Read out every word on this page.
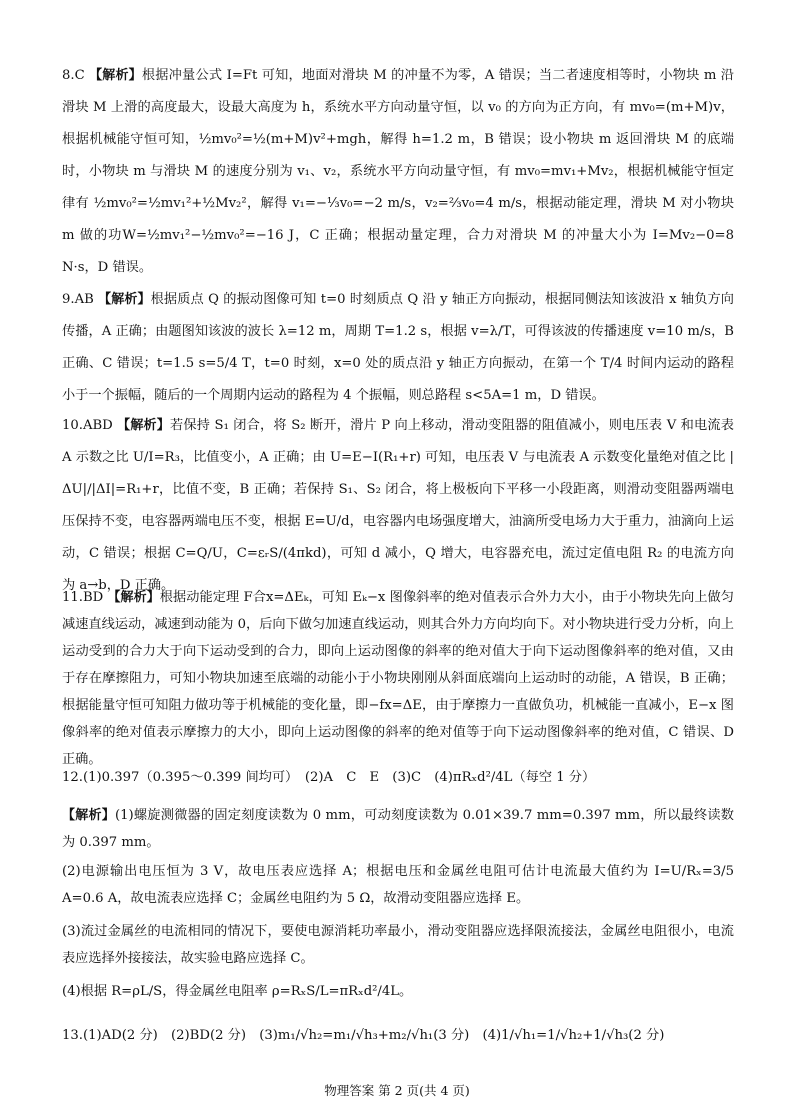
8.C 【解析】根据冲量公式 I=Ft 可知，地面对滑块 M 的冲量不为零，A 错误；当二者速度相等时，小物块 m 沿滑块 M 上滑的高度最大，设最大高度为 h，系统水平方向动量守恒，以 v₀ 的方向为正方向，有 mv₀=(m+M)v，根据机械能守恒可知，½mv₀²=½(m+M)v²+mgh，解得 h=1.2 m，B 错误；设小物块 m 返回滑块 M 的底端时，小物块 m 与滑块 M 的速度分别为 v₁、v₂，系统水平方向动量守恒，有 mv₀=mv₁+Mv₂，根据机械能守恒定律有 ½mv₀²=½mv₁²+½Mv₂²，解得 v₁=−⅓v₀=−2 m/s，v₂=⅔v₀=4 m/s，根据动能定理，滑块 M 对小物块 m 做的功W=½mv₁²−½mv₀²=−16 J，C 正确；根据动量定理，合力对滑块 M 的冲量大小为 I=Mv₂−0=8 N·s，D 错误。

9.AB 【解析】根据质点 Q 的振动图像可知 t=0 时刻质点 Q 沿 y 轴正方向振动，根据同侧法知该波沿 x 轴负方向传播，A 正确；由题图知该波的波长 λ=12 m，周期 T=1.2 s，根据 v=λ/T，可得该波的传播速度 v=10 m/s，B 正确、C 错误；t=1.5 s=5/4 T，t=0 时刻，x=0 处的质点沿 y 轴正方向振动，在第一个 T/4 时间内运动的路程小于一个振幅，随后的一个周期内运动的路程为 4 个振幅，则总路程 s<5A=1 m，D 错误。

10.ABD 【解析】若保持 S₁ 闭合，将 S₂ 断开，滑片 P 向上移动，滑动变阻器的阻值减小，则电压表 V 和电流表 A 示数之比 U/I=R₃，比值变小，A 正确；由 U=E−I(R₁+r) 可知，电压表 V 与电流表 A 示数变化量绝对值之比 |ΔU|/|ΔI|=R₁+r，比值不变，B 正确；若保持 S₁、S₂ 闭合，将上极板向下平移一小段距离，则滑动变阻器两端电压保持不变，电容器两端电压不变，根据 E=U/d，电容器内电场强度增大，油滴所受电场力大于重力，油滴向上运动，C 错误；根据 C=Q/U，C=εᵣS/(4πkd)，可知 d 减小，Q 增大，电容器充电，流过定值电阻 R₂ 的电流方向为 a→b，D 正确。

11.BD 【解析】根据动能定理 F合x=ΔEₖ，可知 Eₖ−x 图像斜率的绝对值表示合外力大小，由于小物块先向上做匀减速直线运动，减速到动能为 0，后向下做匀加速直线运动，则其合外力方向均向下。对小物块进行受力分析，向上运动受到的合力大于向下运动受到的合力，即向上运动图像的斜率的绝对值大于向下运动图像斜率的绝对值，又由于存在摩擦阻力，可知小物块加速至底端的动能小于小物块刚刚从斜面底端向上运动时的动能，A 错误，B 正确；根据能量守恒可知阻力做功等于机械能的变化量，即−fx=ΔE，由于摩擦力一直做负功，机械能一直减小，E−x 图像斜率的绝对值表示摩擦力的大小，即向上运动图像的斜率的绝对值等于向下运动图像斜率的绝对值，C 错误、D 正确。

12.(1)0.397（0.395～0.399 间均可）　(2)A　C　E　(3)C　(4)πRₓd²/4L（每空 1 分）

【解析】(1)螺旋测微器的固定刻度读数为 0 mm，可动刻度读数为 0.01×39.7 mm=0.397 mm，所以最终读数为 0.397 mm。

(2)电源输出电压恒为 3 V，故电压表应选择 A；根据电压和金属丝电阻可估计电流最大值约为 I=U/Rₓ=3/5 A=0.6 A，故电流表应选择 C；金属丝电阻约为 5 Ω，故滑动变阻器应选择 E。

(3)流过金属丝的电流相同的情况下，要使电源消耗功率最小，滑动变阻器应选择限流接法，金属丝电阻很小，电流表应选择外接接法，故实验电路应选择 C。

(4)根据 R=ρL/S，得金属丝电阻率 ρ=RₓS/L=πRₓd²/4L。

13.(1)AD(2 分)　(2)BD(2 分)　(3)m₁/√h₂=m₁/√h₃+m₂/√h₁(3 分)　(4)1/√h₁=1/√h₂+1/√h₃(2 分)

物理答案 第 2 页(共 4 页)
